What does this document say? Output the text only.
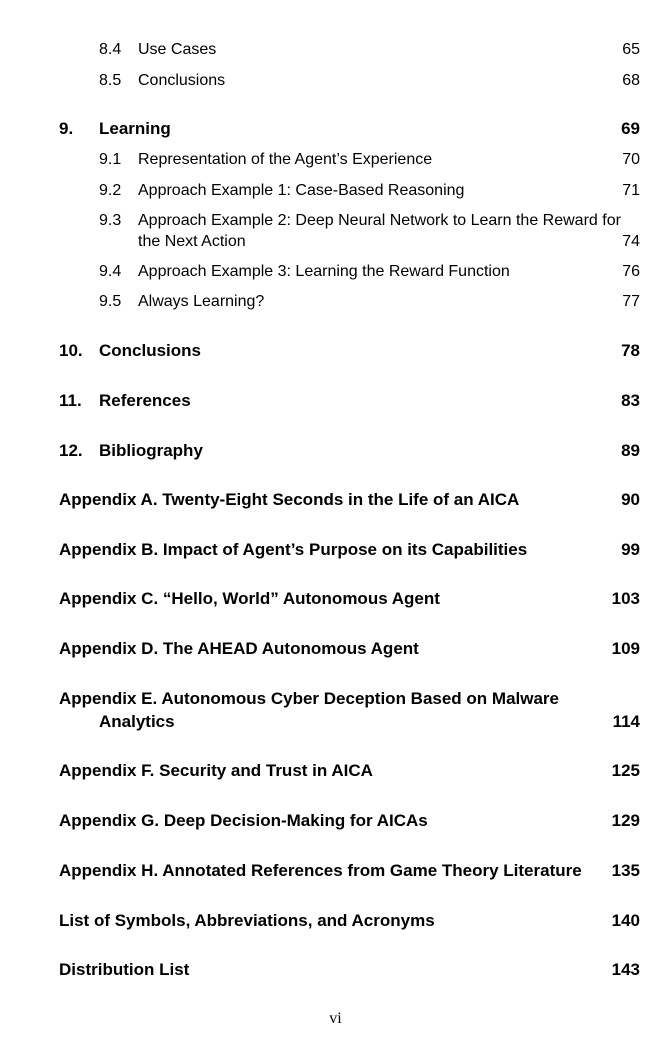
8.4 Use Cases	65
8.5 Conclusions	68
9. Learning	69
9.1 Representation of the Agent’s Experience	70
9.2 Approach Example 1: Case-Based Reasoning	71
9.3 Approach Example 2: Deep Neural Network to Learn the Reward for
the Next Action	74
9.4 Approach Example 3: Learning the Reward Function	76
9.5 Always Learning?	77
10. Conclusions	78
11. References	83
12. Bibliography	89
Appendix A. Twenty-Eight Seconds in the Life of an AICA	90
Appendix B. Impact of Agent’s Purpose on its Capabilities	99
Appendix C. “Hello, World” Autonomous Agent	103
Appendix D. The AHEAD Autonomous Agent	109
Appendix E. Autonomous Cyber Deception Based on Malware
Analytics	114
Appendix F. Security and Trust in AICA	125
Appendix G. Deep Decision-Making for AICAs	129
Appendix H. Annotated References from Game Theory Literature 135
List of Symbols, Abbreviations, and Acronyms	140
Distribution List	143
vi
